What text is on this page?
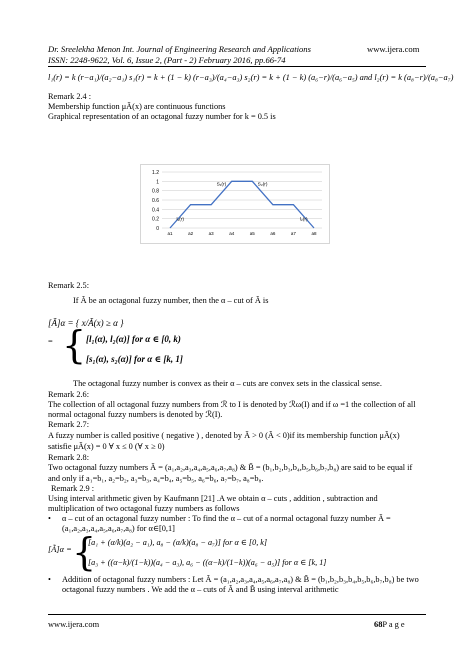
Dr. Sreelekha Menon Int. Journal of Engineering Research and Applications	www.ijera.com
ISSN: 2248-9622, Vol. 6, Issue 2, (Part - 2) February 2016, pp.66-74
l₁(r) = k (r−a₁)/(a₂−a₁) s₁(r) = k + (1 − k) (r−a₃)/(a₄−a₃) s₂(r) = k + (1 − k) (a₆−r)/(a₆−a₅) and l₂(r) = k (a₈−r)/(a₈−a₇)
Remark 2.4 :
Membership function μÃ(x) are continuous functions
Graphical representation of an octagonal fuzzy number for k = 0.5 is
0
0.2
0.4
0.6
0.8
1
1.2
a1	a2	a3	a4	a5	a6	a7	a8
l₁(r)
S₁(r)	S₂(r)
l₂(r)
Remark 2.5:
If Ã be an octagonal fuzzy number, then the α – cut of Ã is
[Ã]α = { x/Ã(x) ≥ α }
= { [l₁(α), l₂(α)] for α ∈ [0, k)
[s₁(α), s₂(α)] for α ∈ [k, 1]
The octagonal fuzzy number is convex as their α – cuts are convex sets in the classical sense.
Remark 2.6:
The collection of all octagonal fuzzy numbers from ℛ to I is denoted by ℛω(I) and if ω =1 the collection of all
normal octagonal fuzzy numbers is denoted by ℛ(I).
Remark 2.7:
A fuzzy number is called positive ( negative ) , denoted by Ã > 0 (Ã < 0)if its membership function μÃ(x)
satisfie μÃ(x) = 0 ∀ x ≤ 0 (∀ x ≥ 0)
Remark 2.8:
Two octagonal fuzzy numbers Ã = (a₁,a₂,a₃,a₄,a₅,a₆,a₇,a₈) & B̃ = (b₁,b₂,b₃,b₄,b₅,b₆,b₇,b₈) are said to be equal if
and only if a₁=b₁, a₂=b₂, a₃=b₃, a₄=b₄, a₅=b₅, a₆=b₆, a₇=b₇, a₈=b₈.
Remark 2.9 :
Using interval arithmetic given by Kaufmann [21] .A we obtain α – cuts , addition , subtraction and
multiplication of two octagonal fuzzy numbers as follows
• α – cut of an octagonal fuzzy number : To find the α – cut of a normal octagonal fuzzy number Ã =
(a₁,a₂,a₃,a₄,a₅,a₆,a₇,a₈) for α∈[0,1]
[Ã]α = {
[a₁ + (α/k)(a₂ − a₁), a₈ − (α/k)(a₈ − a₇)] for α ∈ [0, k]
[a₃ + ((α−k)/(1−k))(a₄ − a₃), a₆ − ((α−k)/(1−k))(a₆ − a₅)] for α ∈ [k, 1]
• Addition of octagonal fuzzy numbers : Let Ã = (a₁,a₂,a₃,a₄,a₅,a₆,a₇,a₈) & B̃ = (b₁,b₂,b₃,b₄,b₅,b₆,b₇,b₈) be two
octagonal fuzzy numbers . We add the α – cuts of Ã and B̃ using interval arithmetic
www.ijera.com	68P a g e
